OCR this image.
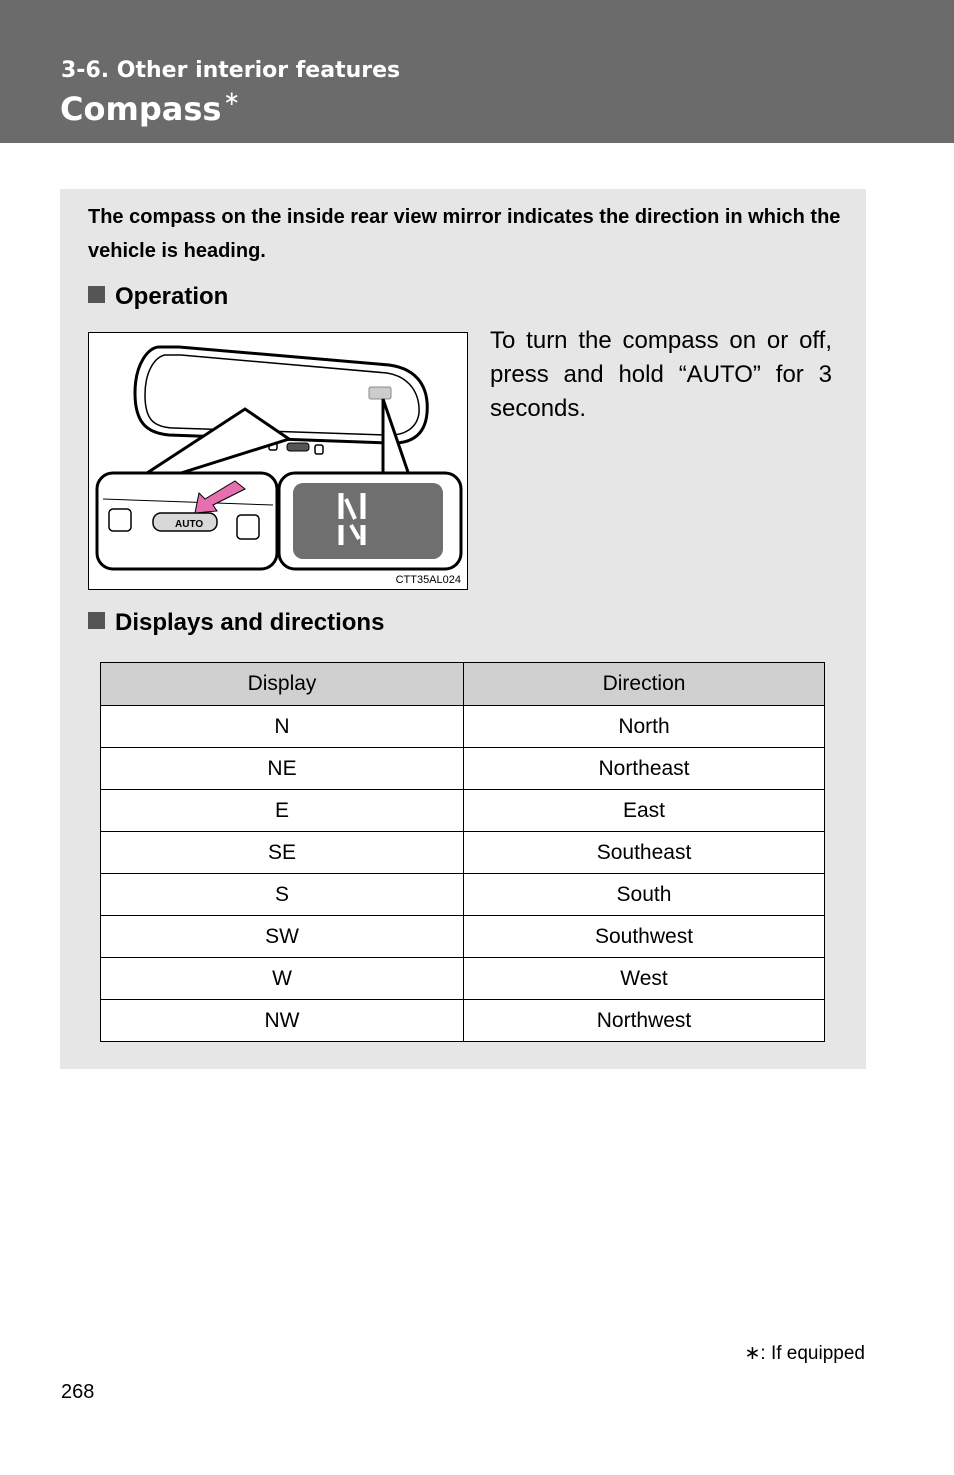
3-6. Other interior features
Compass ∗
The compass on the inside rear view mirror indicates the direction in which the vehicle is heading.
Operation
AUTO
CTT35AL024
To turn the compass on or off, press and hold “AUTO” for 3 seconds.
Displays and directions
Display	Direction
N	North
NE	Northeast
E	East
SE	Southeast
S	South
SW	Southwest
W	West
NW	Northwest
∗: If equipped
268
